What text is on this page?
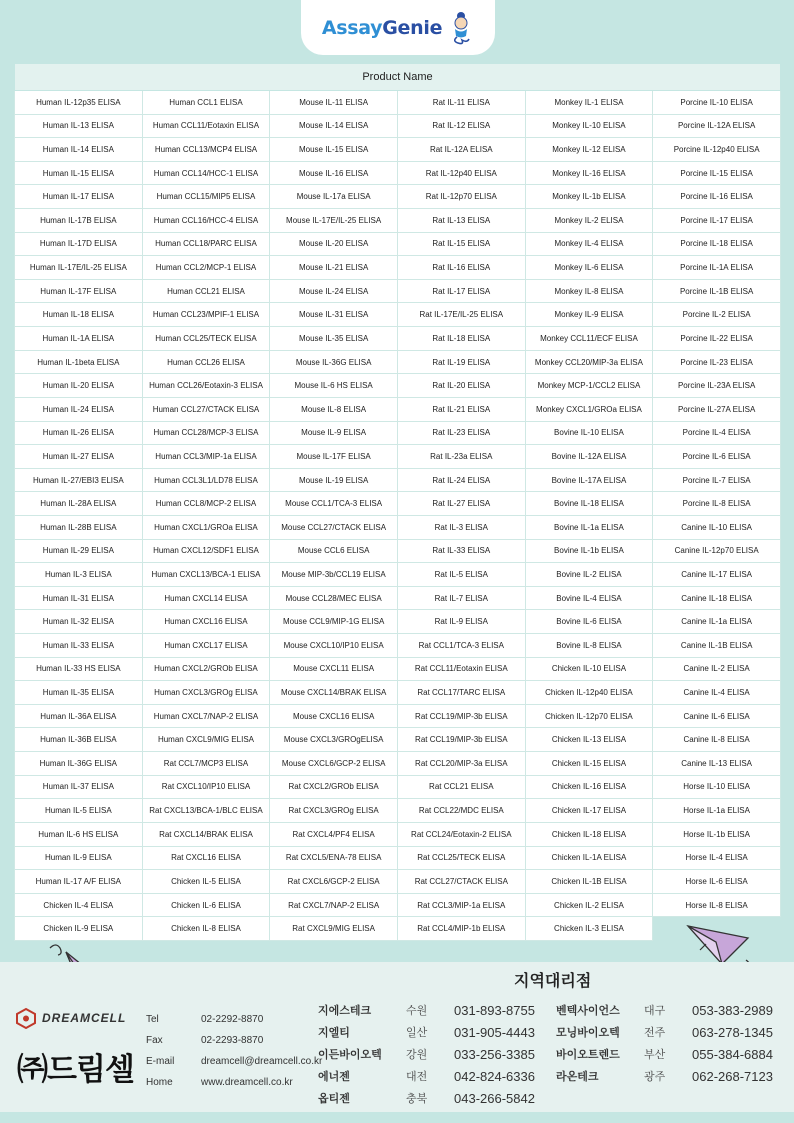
AssayGenie
Product Name					
Human IL-12p35 ELISA	Human CCL1 ELISA	Mouse IL-11 ELISA	Rat IL-11 ELISA	Monkey IL-1 ELISA	Porcine IL-10 ELISA
Human IL-13 ELISA	Human CCL11/Eotaxin ELISA	Mouse IL-14 ELISA	Rat IL-12 ELISA	Monkey IL-10 ELISA	Porcine IL-12A ELISA
Human IL-14 ELISA	Human CCL13/MCP4 ELISA	Mouse IL-15 ELISA	Rat IL-12A ELISA	Monkey IL-12 ELISA	Porcine IL-12p40 ELISA
Human IL-15 ELISA	Human CCL14/HCC-1 ELISA	Mouse IL-16 ELISA	Rat IL-12p40 ELISA	Monkey IL-16 ELISA	Porcine IL-15 ELISA
Human IL-17 ELISA	Human CCL15/MIP5 ELISA	Mouse IL-17a ELISA	Rat IL-12p70 ELISA	Monkey IL-1b ELISA	Porcine IL-16 ELISA
Human IL-17B ELISA	Human CCL16/HCC-4 ELISA	Mouse IL-17E/IL-25 ELISA	Rat IL-13 ELISA	Monkey IL-2 ELISA	Porcine IL-17 ELISA
Human IL-17D ELISA	Human CCL18/PARC ELISA	Mouse IL-20 ELISA	Rat IL-15 ELISA	Monkey IL-4 ELISA	Porcine IL-18 ELISA
Human IL-17E/IL-25 ELISA	Human CCL2/MCP-1 ELISA	Mouse IL-21 ELISA	Rat IL-16 ELISA	Monkey IL-6 ELISA	Porcine IL-1A ELISA
Human IL-17F ELISA	Human CCL21 ELISA	Mouse IL-24 ELISA	Rat IL-17 ELISA	Monkey IL-8 ELISA	Porcine IL-1B ELISA
Human IL-18 ELISA	Human CCL23/MPIF-1 ELISA	Mouse IL-31 ELISA	Rat IL-17E/IL-25 ELISA	Monkey IL-9 ELISA	Porcine IL-2 ELISA
Human IL-1A ELISA	Human CCL25/TECK ELISA	Mouse IL-35 ELISA	Rat IL-18 ELISA	Monkey CCL11/ECF ELISA	Porcine IL-22 ELISA
Human IL-1beta ELISA	Human CCL26 ELISA	Mouse IL-36G ELISA	Rat IL-19 ELISA	Monkey CCL20/MIP-3a ELISA	Porcine IL-23 ELISA
Human IL-20 ELISA	Human CCL26/Eotaxin-3 ELISA	Mouse IL-6 HS ELISA	Rat IL-20 ELISA	Monkey MCP-1/CCL2 ELISA	Porcine IL-23A ELISA
Human IL-24 ELISA	Human CCL27/CTACK ELISA	Mouse IL-8 ELISA	Rat IL-21 ELISA	Monkey CXCL1/GROa ELISA	Porcine IL-27A ELISA
Human IL-26 ELISA	Human CCL28/MCP-3 ELISA	Mouse IL-9 ELISA	Rat IL-23 ELISA	Bovine IL-10 ELISA	Porcine IL-4 ELISA
Human IL-27 ELISA	Human CCL3/MIP-1a ELISA	Mouse IL-17F ELISA	Rat IL-23a ELISA	Bovine IL-12A ELISA	Porcine IL-6 ELISA
Human IL-27/EBI3 ELISA	Human CCL3L1/LD78 ELISA	Mouse IL-19 ELISA	Rat IL-24 ELISA	Bovine IL-17A ELISA	Porcine IL-7 ELISA
Human IL-28A ELISA	Human CCL8/MCP-2 ELISA	Mouse CCL1/TCA-3 ELISA	Rat IL-27 ELISA	Bovine IL-18 ELISA	Porcine IL-8 ELISA
Human IL-28B ELISA	Human CXCL1/GROa ELISA	Mouse CCL27/CTACK ELISA	Rat IL-3 ELISA	Bovine IL-1a ELISA	Canine IL-10 ELISA
Human IL-29 ELISA	Human CXCL12/SDF1 ELISA	Mouse CCL6 ELISA	Rat IL-33 ELISA	Bovine IL-1b ELISA	Canine IL-12p70 ELISA
Human IL-3 ELISA	Human CXCL13/BCA-1 ELISA	Mouse MIP-3b/CCL19 ELISA	Rat IL-5 ELISA	Bovine IL-2 ELISA	Canine IL-17 ELISA
Human IL-31 ELISA	Human CXCL14 ELISA	Mouse CCL28/MEC ELISA	Rat IL-7 ELISA	Bovine IL-4 ELISA	Canine IL-18 ELISA
Human IL-32 ELISA	Human CXCL16 ELISA	Mouse CCL9/MIP-1G ELISA	Rat IL-9 ELISA	Bovine IL-6 ELISA	Canine IL-1a ELISA
Human IL-33 ELISA	Human CXCL17 ELISA	Mouse CXCL10/IP10 ELISA	Rat CCL1/TCA-3 ELISA	Bovine IL-8 ELISA	Canine IL-1B ELISA
Human IL-33 HS ELISA	Human CXCL2/GROb ELISA	Mouse CXCL11 ELISA	Rat CCL11/Eotaxin ELISA	Chicken IL-10 ELISA	Canine IL-2 ELISA
Human IL-35 ELISA	Human CXCL3/GROg ELISA	Mouse CXCL14/BRAK ELISA	Rat CCL17/TARC ELISA	Chicken IL-12p40 ELISA	Canine IL-4 ELISA
Human IL-36A ELISA	Human CXCL7/NAP-2 ELISA	Mouse CXCL16 ELISA	Rat CCL19/MIP-3b ELISA	Chicken IL-12p70 ELISA	Canine IL-6 ELISA
Human IL-36B ELISA	Human CXCL9/MIG ELISA	Mouse CXCL3/GROgELISA	Rat CCL19/MIP-3b ELISA	Chicken IL-13 ELISA	Canine IL-8 ELISA
Human IL-36G ELISA	Rat CCL7/MCP3 ELISA	Mouse CXCL6/GCP-2 ELISA	Rat CCL20/MIP-3a ELISA	Chicken IL-15 ELISA	Canine IL-13 ELISA
Human IL-37 ELISA	Rat CXCL10/IP10 ELISA	Rat CXCL2/GROb ELISA	Rat CCL21 ELISA	Chicken IL-16 ELISA	Horse IL-10 ELISA
Human IL-5 ELISA	Rat CXCL13/BCA-1/BLC ELISA	Rat CXCL3/GROg ELISA	Rat CCL22/MDC ELISA	Chicken IL-17 ELISA	Horse IL-1a ELISA
Human IL-6 HS ELISA	Rat CXCL14/BRAK ELISA	Rat CXCL4/PF4 ELISA	Rat CCL24/Eotaxin-2 ELISA	Chicken IL-18 ELISA	Horse IL-1b ELISA
Human IL-9 ELISA	Rat CXCL16 ELISA	Rat CXCL5/ENA-78 ELISA	Rat CCL25/TECK ELISA	Chicken IL-1A ELISA	Horse IL-4 ELISA
Human IL-17 A/F ELISA	Chicken IL-5 ELISA	Rat CXCL6/GCP-2 ELISA	Rat CCL27/CTACK ELISA	Chicken IL-1B ELISA	Horse IL-6 ELISA
Chicken IL-4 ELISA	Chicken IL-6 ELISA	Rat CXCL7/NAP-2 ELISA	Rat CCL3/MIP-1a ELISA	Chicken IL-2 ELISA	Horse IL-8 ELISA
Chicken IL-9 ELISA	Chicken IL-8 ELISA	Rat CXCL9/MIG ELISA	Rat CCL4/MIP-1b ELISA	Chicken IL-3 ELISA	
지역대리점
DREAMCELL
㈜드림셀
Tel	02-2292-8870
Fax	02-2293-8870
E-mail	dreamcell@dreamcell.co.kr
Home	www.dreamcell.co.kr
지에스테크	수원	031-893-8755	벤텍사이언스	대구	053-383-2989
지엘티	일산	031-905-4443	모닝바이오텍	전주	063-278-1345
이든바이오텍	강원	033-256-3385	바이오트렌드	부산	055-384-6884
에너젠	대전	042-824-6336	라온테크	광주	062-268-7123
옵티젠	충북	043-266-5842
